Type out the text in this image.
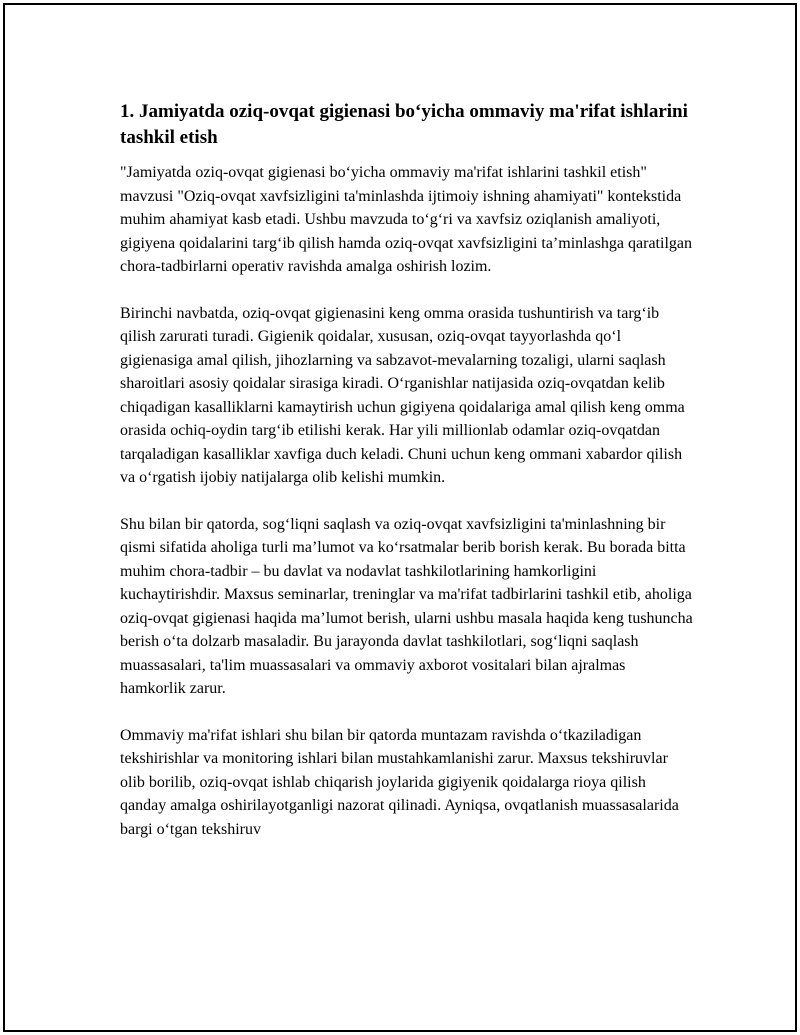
1. Jamiyatda oziq-ovqat gigienasi bo‘yicha ommaviy ma'rifat ishlarini tashkil etish

"Jamiyatda oziq-ovqat gigienasi bo‘yicha ommaviy ma'rifat ishlarini tashkil etish" mavzusi "Oziq-ovqat xavfsizligini ta'minlashda ijtimoiy ishning ahamiyati" kontekstida muhim ahamiyat kasb etadi. Ushbu mavzuda to‘g‘ri va xavfsiz oziqlanish amaliyoti, gigiyena qoidalarini targ‘ib qilish hamda oziq-ovqat xavfsizligini ta’minlashga qaratilgan chora-tadbirlarni operativ ravishda amalga oshirish lozim.

Birinchi navbatda, oziq-ovqat gigienasini keng omma orasida tushuntirish va targ‘ib qilish zarurati turadi. Gigienik qoidalar, xususan, oziq-ovqat tayyorlashda qo‘l gigienasiga amal qilish, jihozlarning va sabzavot-mevalarning tozaligi, ularni saqlash sharoitlari asosiy qoidalar sirasiga kiradi. O‘rganishlar natijasida oziq-ovqatdan kelib chiqadigan kasalliklarni kamaytirish uchun gigiyena qoidalariga amal qilish keng omma orasida ochiq-oydin targ‘ib etilishi kerak. Har yili millionlab odamlar oziq-ovqatdan tarqaladigan kasalliklar xavfiga duch keladi. Chuni uchun keng ommani xabardor qilish va o‘rgatish ijobiy natijalarga olib kelishi mumkin.

Shu bilan bir qatorda, sog‘liqni saqlash va oziq-ovqat xavfsizligini ta'minlashning bir qismi sifatida aholiga turli ma’lumot va ko‘rsatmalar berib borish kerak. Bu borada bitta muhim chora-tadbir – bu davlat va nodavlat tashkilotlarining hamkorligini kuchaytirishdir. Maxsus seminarlar, treninglar va ma'rifat tadbirlarini tashkil etib, aholiga oziq-ovqat gigienasi haqida ma’lumot berish, ularni ushbu masala haqida keng tushuncha berish o‘ta dolzarb masaladir. Bu jarayonda davlat tashkilotlari, sog‘liqni saqlash muassasalari, ta'lim muassasalari va ommaviy axborot vositalari bilan ajralmas hamkorlik zarur.

Ommaviy ma'rifat ishlari shu bilan bir qatorda muntazam ravishda o‘tkaziladigan tekshirishlar va monitoring ishlari bilan mustahkamlanishi zarur. Maxsus tekshiruvlar olib borilib, oziq-ovqat ishlab chiqarish joylarida gigiyenik qoidalarga rioya qilish qanday amalga oshirilayotganligi nazorat qilinadi. Ayniqsa, ovqatlanish muassasalarida bargi o‘tgan tekshiruv
